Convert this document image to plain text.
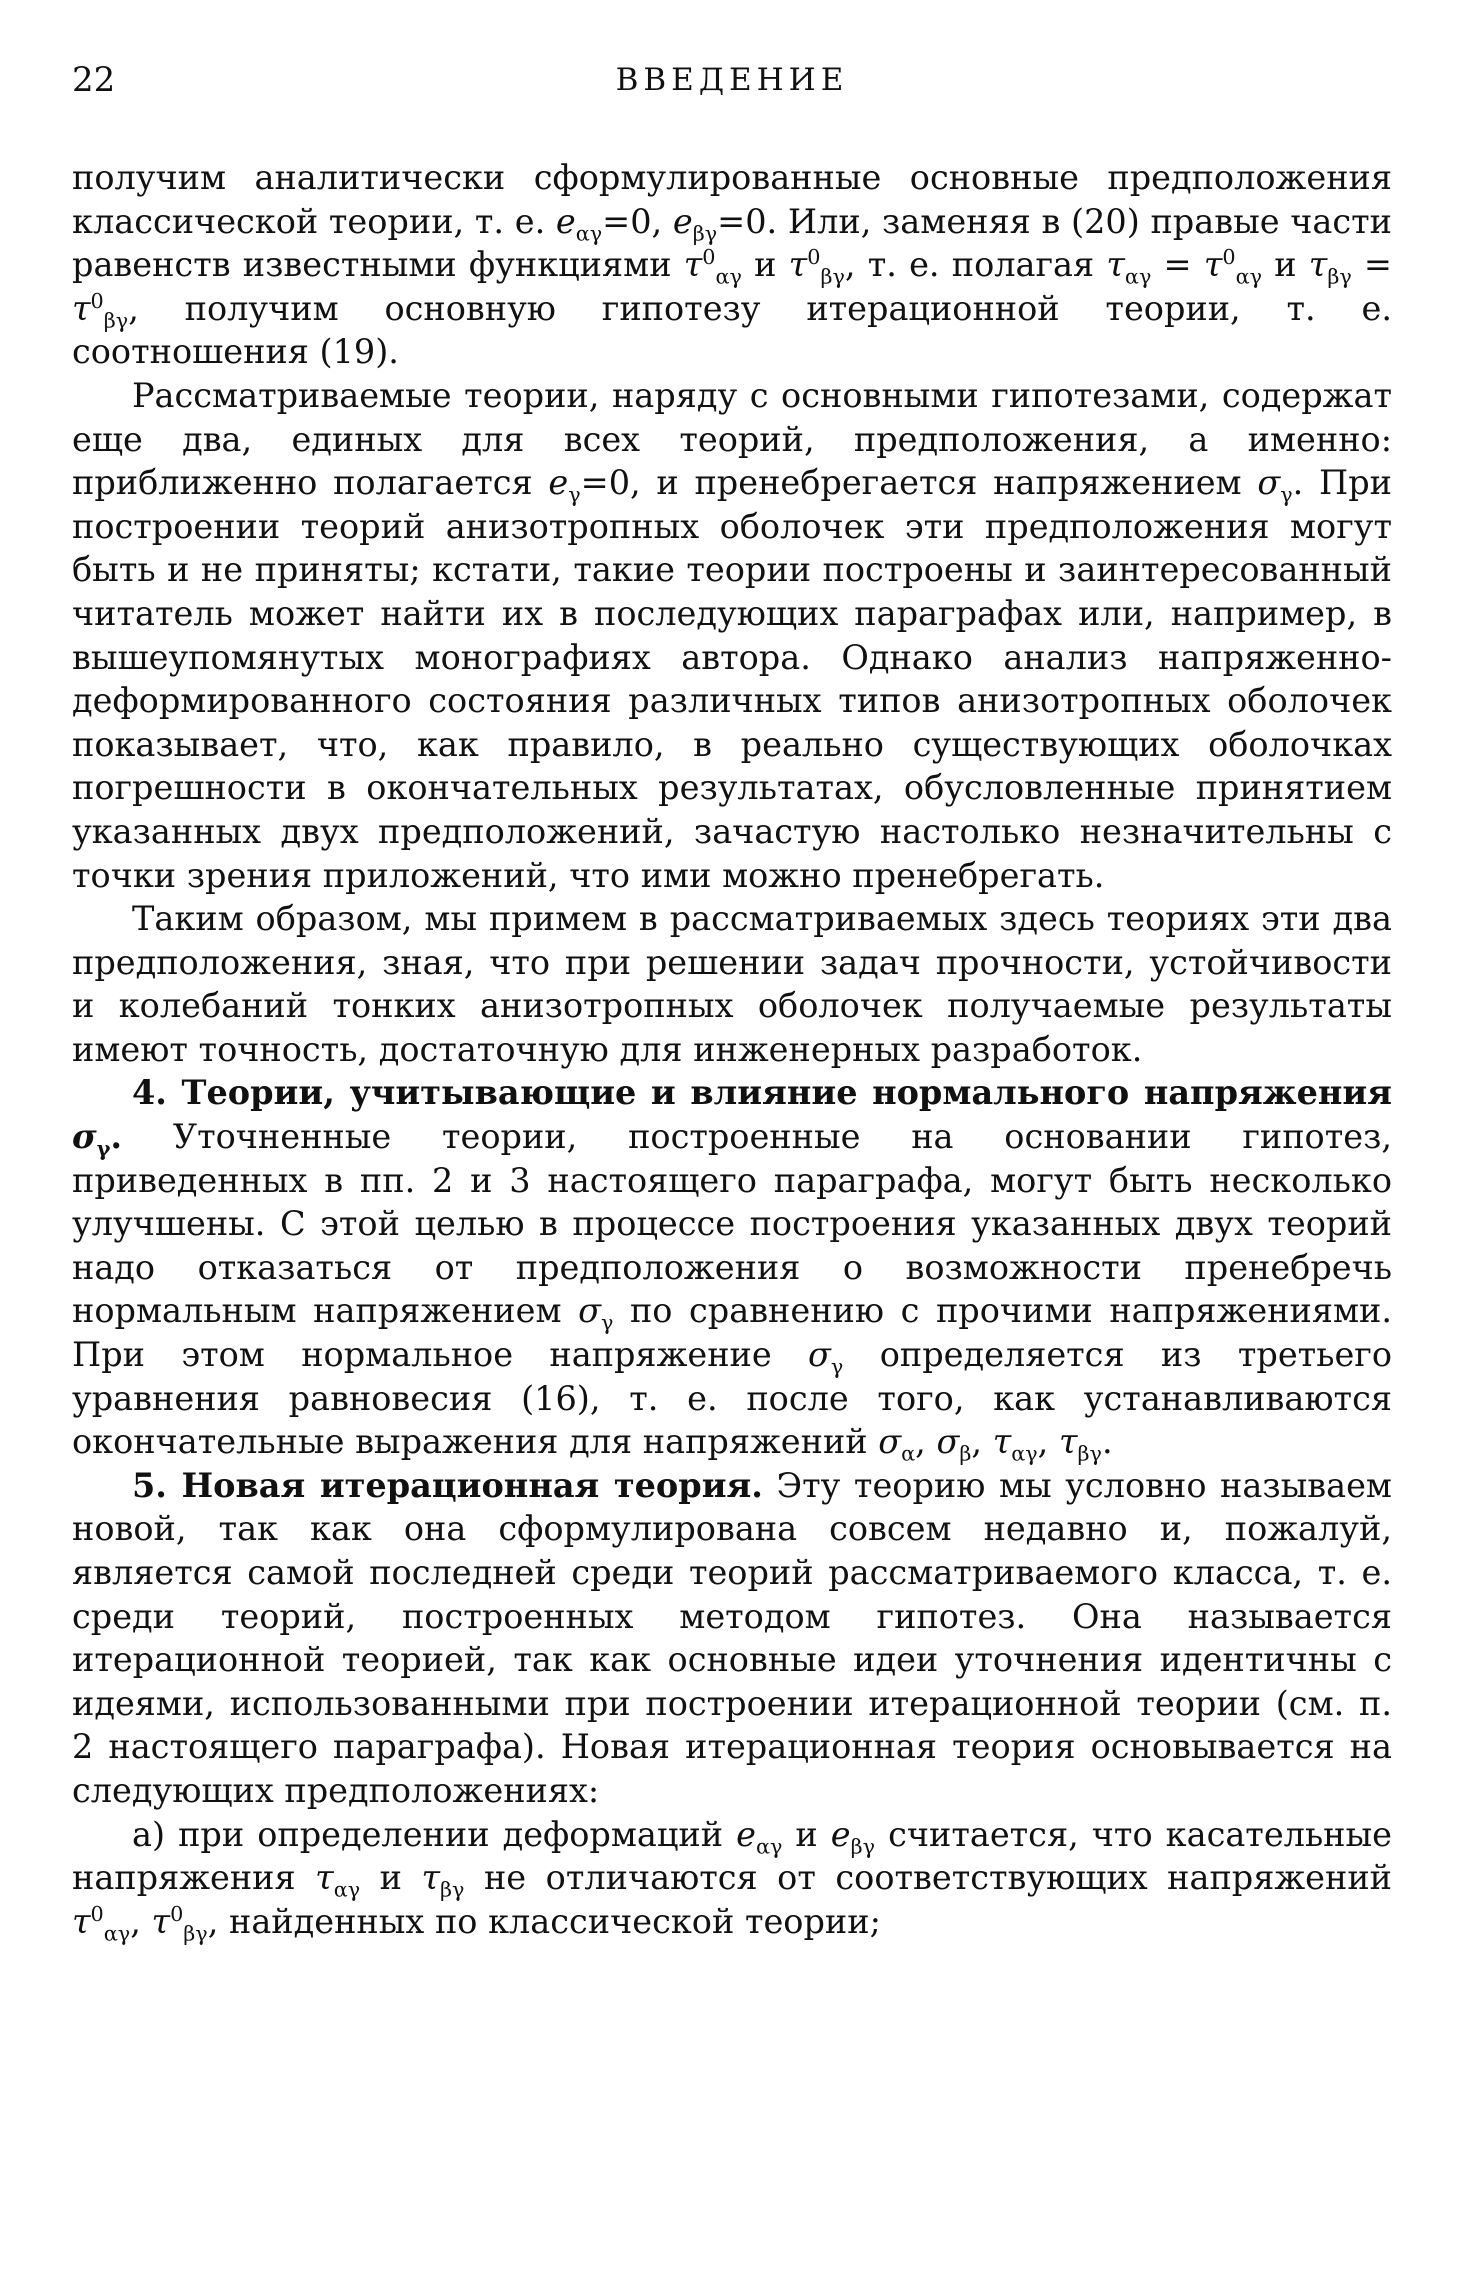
22	ВВЕДЕНИЕ

получим аналитически сформулированные основные предположения классической теории, т. е. $e_{\alpha\gamma}=0$, $e_{\beta\gamma}=0$. Или, заменяя в (20) правые части равенств известными функциями $\tau^0_{\alpha\gamma}$ и $\tau^0_{\beta\gamma}$, т. е. полагая $\tau_{\alpha\gamma} = \tau^0_{\alpha\gamma}$ и $\tau_{\beta\gamma} = \tau^0_{\beta\gamma}$, получим основную гипотезу итерационной теории, т. е. соотношения (19).

Рассматриваемые теории, наряду с основными гипотезами, содержат еще два, единых для всех теорий, предположения, а именно: приближенно полагается $e_\gamma=0$, и пренебрегается напряжением $\sigma_\gamma$. При построении теорий анизотропных оболочек эти предположения могут быть и не приняты; кстати, такие теории построены и заинтересованный читатель может найти их в последующих параграфах или, например, в вышеупомянутых монографиях автора. Однако анализ напряженно-деформированного состояния различных типов анизотропных оболочек показывает, что, как правило, в реально существующих оболочках погрешности в окончательных результатах, обусловленные принятием указанных двух предположений, зачастую настолько незначительны с точки зрения приложений, что ими можно пренебрегать.

Таким образом, мы примем в рассматриваемых здесь теориях эти два предположения, зная, что при решении задач прочности, устойчивости и колебаний тонких анизотропных оболочек получаемые результаты имеют точность, достаточную для инженерных разработок.

4. Теории, учитывающие и влияние нормального напряжения $\sigma_\gamma$. Уточненные теории, построенные на основании гипотез, приведенных в пп. 2 и 3 настоящего параграфа, могут быть несколько улучшены. С этой целью в процессе построения указанных двух теорий надо отказаться от предположения о возможности пренебречь нормальным напряжением $\sigma_\gamma$ по сравнению с прочими напряжениями. При этом нормальное напряжение $\sigma_\gamma$ определяется из третьего уравнения равновесия (16), т. е. после того, как устанавливаются окончательные выражения для напряжений $\sigma_\alpha$, $\sigma_\beta$, $\tau_{\alpha\gamma}$, $\tau_{\beta\gamma}$.

5. Новая итерационная теория. Эту теорию мы условно называем новой, так как она сформулирована совсем недавно и, пожалуй, является самой последней среди теорий рассматриваемого класса, т. е. среди теорий, построенных методом гипотез. Она называется итерационной теорией, так как основные идеи уточнения идентичны с идеями, использованными при построении итерационной теории (см. п. 2 настоящего параграфа). Новая итерационная теория основывается на следующих предположениях:

а) при определении деформаций $e_{\alpha\gamma}$ и $e_{\beta\gamma}$ считается, что касательные напряжения $\tau_{\alpha\gamma}$ и $\tau_{\beta\gamma}$ не отличаются от соответствующих напряжений $\tau^0_{\alpha\gamma}$, $\tau^0_{\beta\gamma}$, найденных по классической теории;
